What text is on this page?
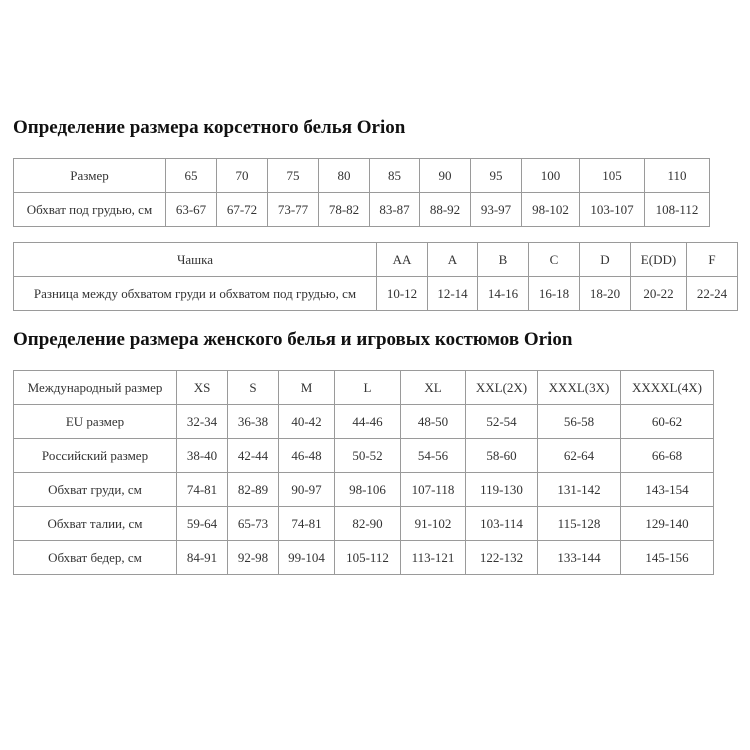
Определение размера корсетного белья Orion
Размер	65	70	75	80	85	90	95	100	105	110
Обхват под грудью, см	63-67	67-72	73-77	78-82	83-87	88-92	93-97	98-102	103-107	108-112
Чашка	AA	A	B	C	D	E(DD)	F
Разница между обхватом груди и обхватом под грудью, см	10-12	12-14	14-16	16-18	18-20	20-22	22-24
Определение размера женского белья и игровых костюмов Orion
Международный размер	XS	S	M	L	XL	XXL(2X)	XXXL(3X)	XXXXL(4X)
EU размер	32-34	36-38	40-42	44-46	48-50	52-54	56-58	60-62
Российский размер	38-40	42-44	46-48	50-52	54-56	58-60	62-64	66-68
Обхват груди, см	74-81	82-89	90-97	98-106	107-118	119-130	131-142	143-154
Обхват талии, см	59-64	65-73	74-81	82-90	91-102	103-114	115-128	129-140
Обхват бедер, см	84-91	92-98	99-104	105-112	113-121	122-132	133-144	145-156
